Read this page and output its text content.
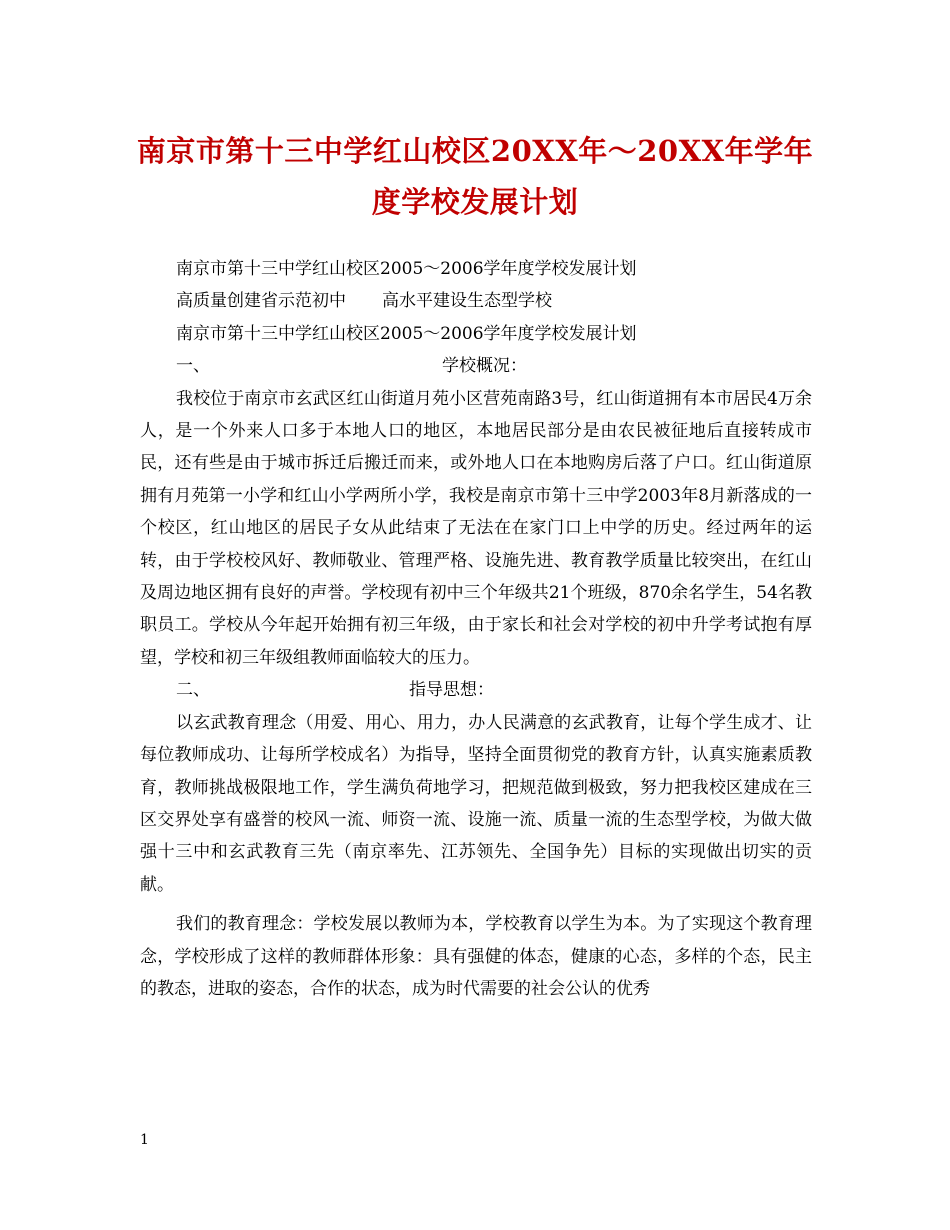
南京市第十三中学红山校区20XX年～20XX年学年度学校发展计划

南京市第十三中学红山校区2005～2006学年度学校发展计划

高质量创建省示范初中 高水平建设生态型学校

南京市第十三中学红山校区2005～2006学年度学校发展计划

一、	学校概况：

我校位于南京市玄武区红山街道月苑小区营苑南路3号，红山街道拥有本市居民4万余人，是一个外来人口多于本地人口的地区，本地居民部分是由农民被征地后直接转成市民，还有些是由于城市拆迁后搬迁而来，或外地人口在本地购房后落了户口。红山街道原拥有月苑第一小学和红山小学两所小学，我校是南京市第十三中学2003年8月新落成的一个校区，红山地区的居民子女从此结束了无法在在家门口上中学的历史。经过两年的运转，由于学校校风好、教师敬业、管理严格、设施先进、教育教学质量比较突出，在红山及周边地区拥有良好的声誉。学校现有初中三个年级共21个班级，870余名学生，54名教职员工。学校从今年起开始拥有初三年级，由于家长和社会对学校的初中升学考试抱有厚望，学校和初三年级组教师面临较大的压力。

二、	指导思想：

以玄武教育理念（用爱、用心、用力，办人民满意的玄武教育，让每个学生成才、让每位教师成功、让每所学校成名）为指导，坚持全面贯彻党的教育方针，认真实施素质教育，教师挑战极限地工作，学生满负荷地学习，把规范做到极致，努力把我校区建成在三区交界处享有盛誉的校风一流、师资一流、设施一流、质量一流的生态型学校，为做大做强十三中和玄武教育三先（南京率先、江苏领先、全国争先）目标的实现做出切实的贡献。

我们的教育理念：学校发展以教师为本，学校教育以学生为本。为了实现这个教育理念，学校形成了这样的教师群体形象：具有强健的体态，健康的心态，多样的个态，民主的教态，进取的姿态，合作的状态，成为时代需要的社会公认的优秀

1
